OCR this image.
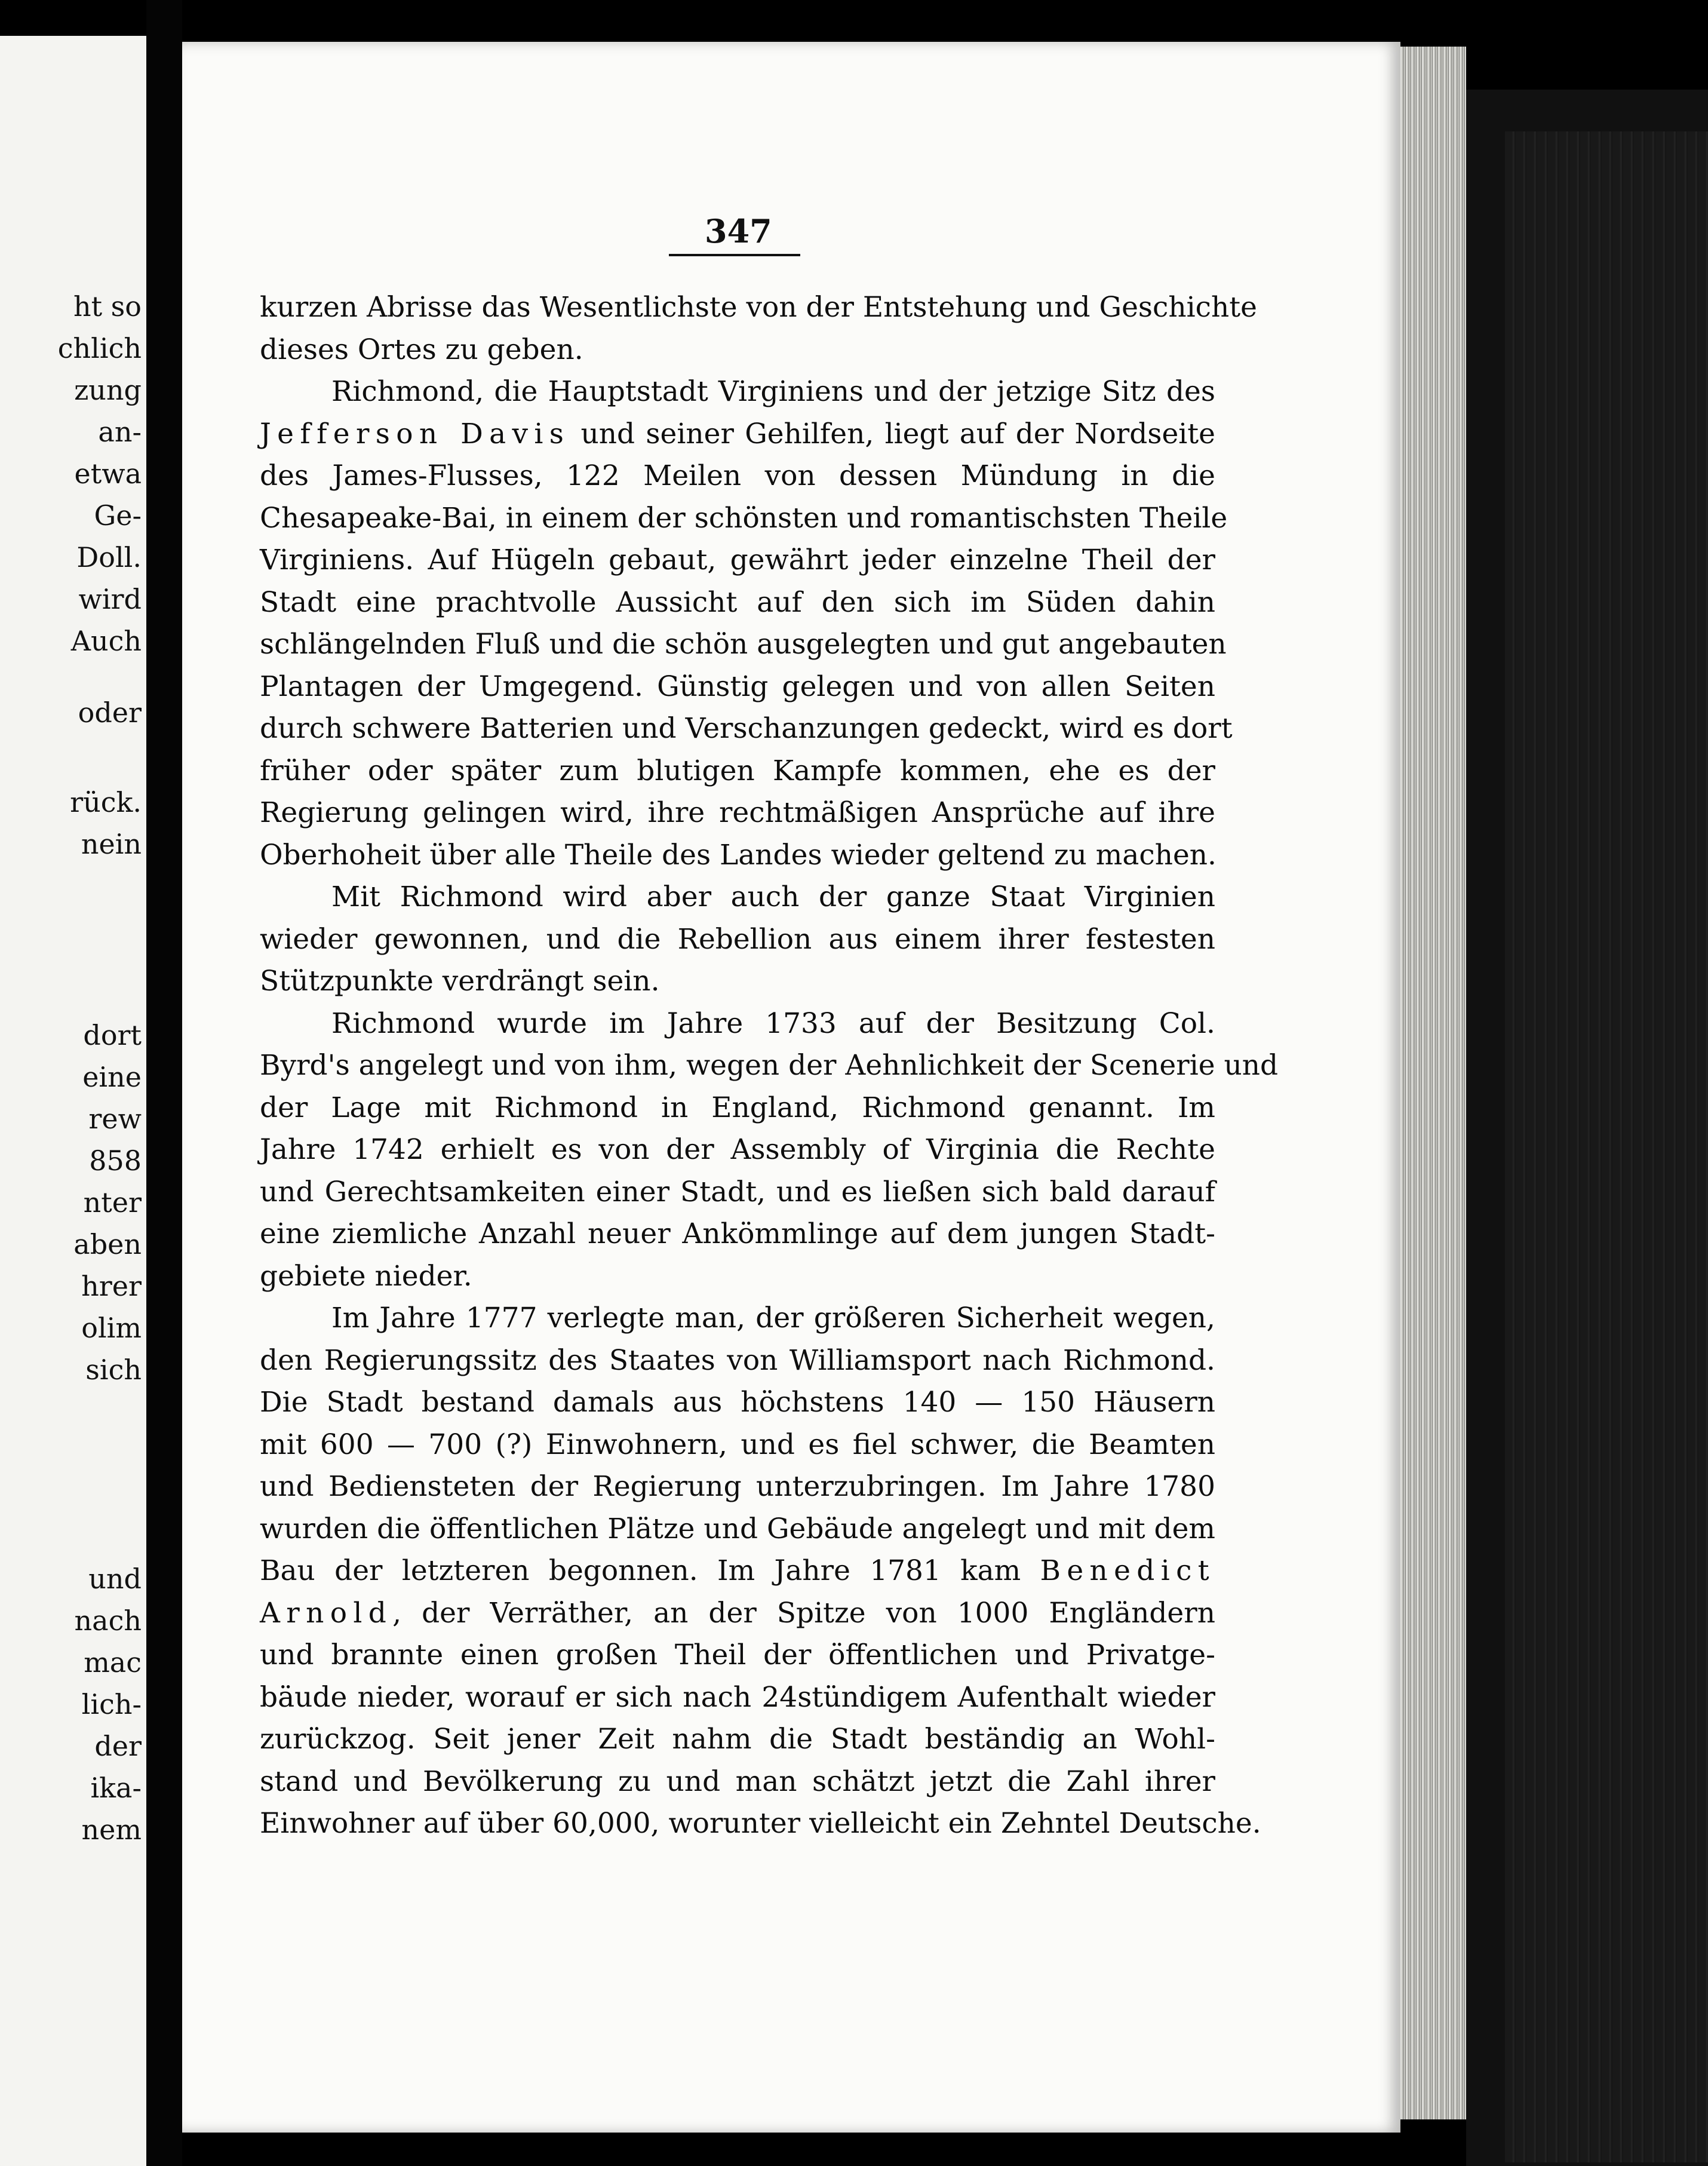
ht so
chlich
zung
an-
etwa
Ge-
Doll.
wird
Auch
oder
rück.
nein
dort
eine
rew
858
nter
aben
hrer
olim
sich
und
nach
mac
lich-
der
ika-
nem
347
kurzen Abrisse das Wesentlichste von der Entstehung und Geschichte
dieses Ortes zu geben.
Richmond, die Hauptstadt Virginiens und der jetzige Sitz des
Jefferson Davis und seiner Gehilfen, liegt auf der Nordseite
des James-Flusses, 122 Meilen von dessen Mündung in die
Chesapeake-Bai, in einem der schönsten und romantischsten Theile
Virginiens. Auf Hügeln gebaut, gewährt jeder einzelne Theil der
Stadt eine prachtvolle Aussicht auf den sich im Süden dahin
schlängelnden Fluß und die schön ausgelegten und gut angebauten
Plantagen der Umgegend. Günstig gelegen und von allen Seiten
durch schwere Batterien und Verschanzungen gedeckt, wird es dort
früher oder später zum blutigen Kampfe kommen, ehe es der
Regierung gelingen wird, ihre rechtmäßigen Ansprüche auf ihre
Oberhoheit über alle Theile des Landes wieder geltend zu machen.
Mit Richmond wird aber auch der ganze Staat Virginien
wieder gewonnen, und die Rebellion aus einem ihrer festesten
Stützpunkte verdrängt sein.
Richmond wurde im Jahre 1733 auf der Besitzung Col.
Byrd's angelegt und von ihm, wegen der Aehnlichkeit der Scenerie und
der Lage mit Richmond in England, Richmond genannt. Im
Jahre 1742 erhielt es von der Assembly of Virginia die Rechte
und Gerechtsamkeiten einer Stadt, und es ließen sich bald darauf
eine ziemliche Anzahl neuer Ankömmlinge auf dem jungen Stadt-
gebiete nieder.
Im Jahre 1777 verlegte man, der größeren Sicherheit wegen,
den Regierungssitz des Staates von Williamsport nach Richmond.
Die Stadt bestand damals aus höchstens 140 — 150 Häusern
mit 600 — 700 (?) Einwohnern, und es fiel schwer, die Beamten
und Bediensteten der Regierung unterzubringen. Im Jahre 1780
wurden die öffentlichen Plätze und Gebäude angelegt und mit dem
Bau der letzteren begonnen. Im Jahre 1781 kam Benedict
Arnold, der Verräther, an der Spitze von 1000 Engländern
und brannte einen großen Theil der öffentlichen und Privatge-
bäude nieder, worauf er sich nach 24stündigem Aufenthalt wieder
zurückzog. Seit jener Zeit nahm die Stadt beständig an Wohl-
stand und Bevölkerung zu und man schätzt jetzt die Zahl ihrer
Einwohner auf über 60,000, worunter vielleicht ein Zehntel Deutsche.
